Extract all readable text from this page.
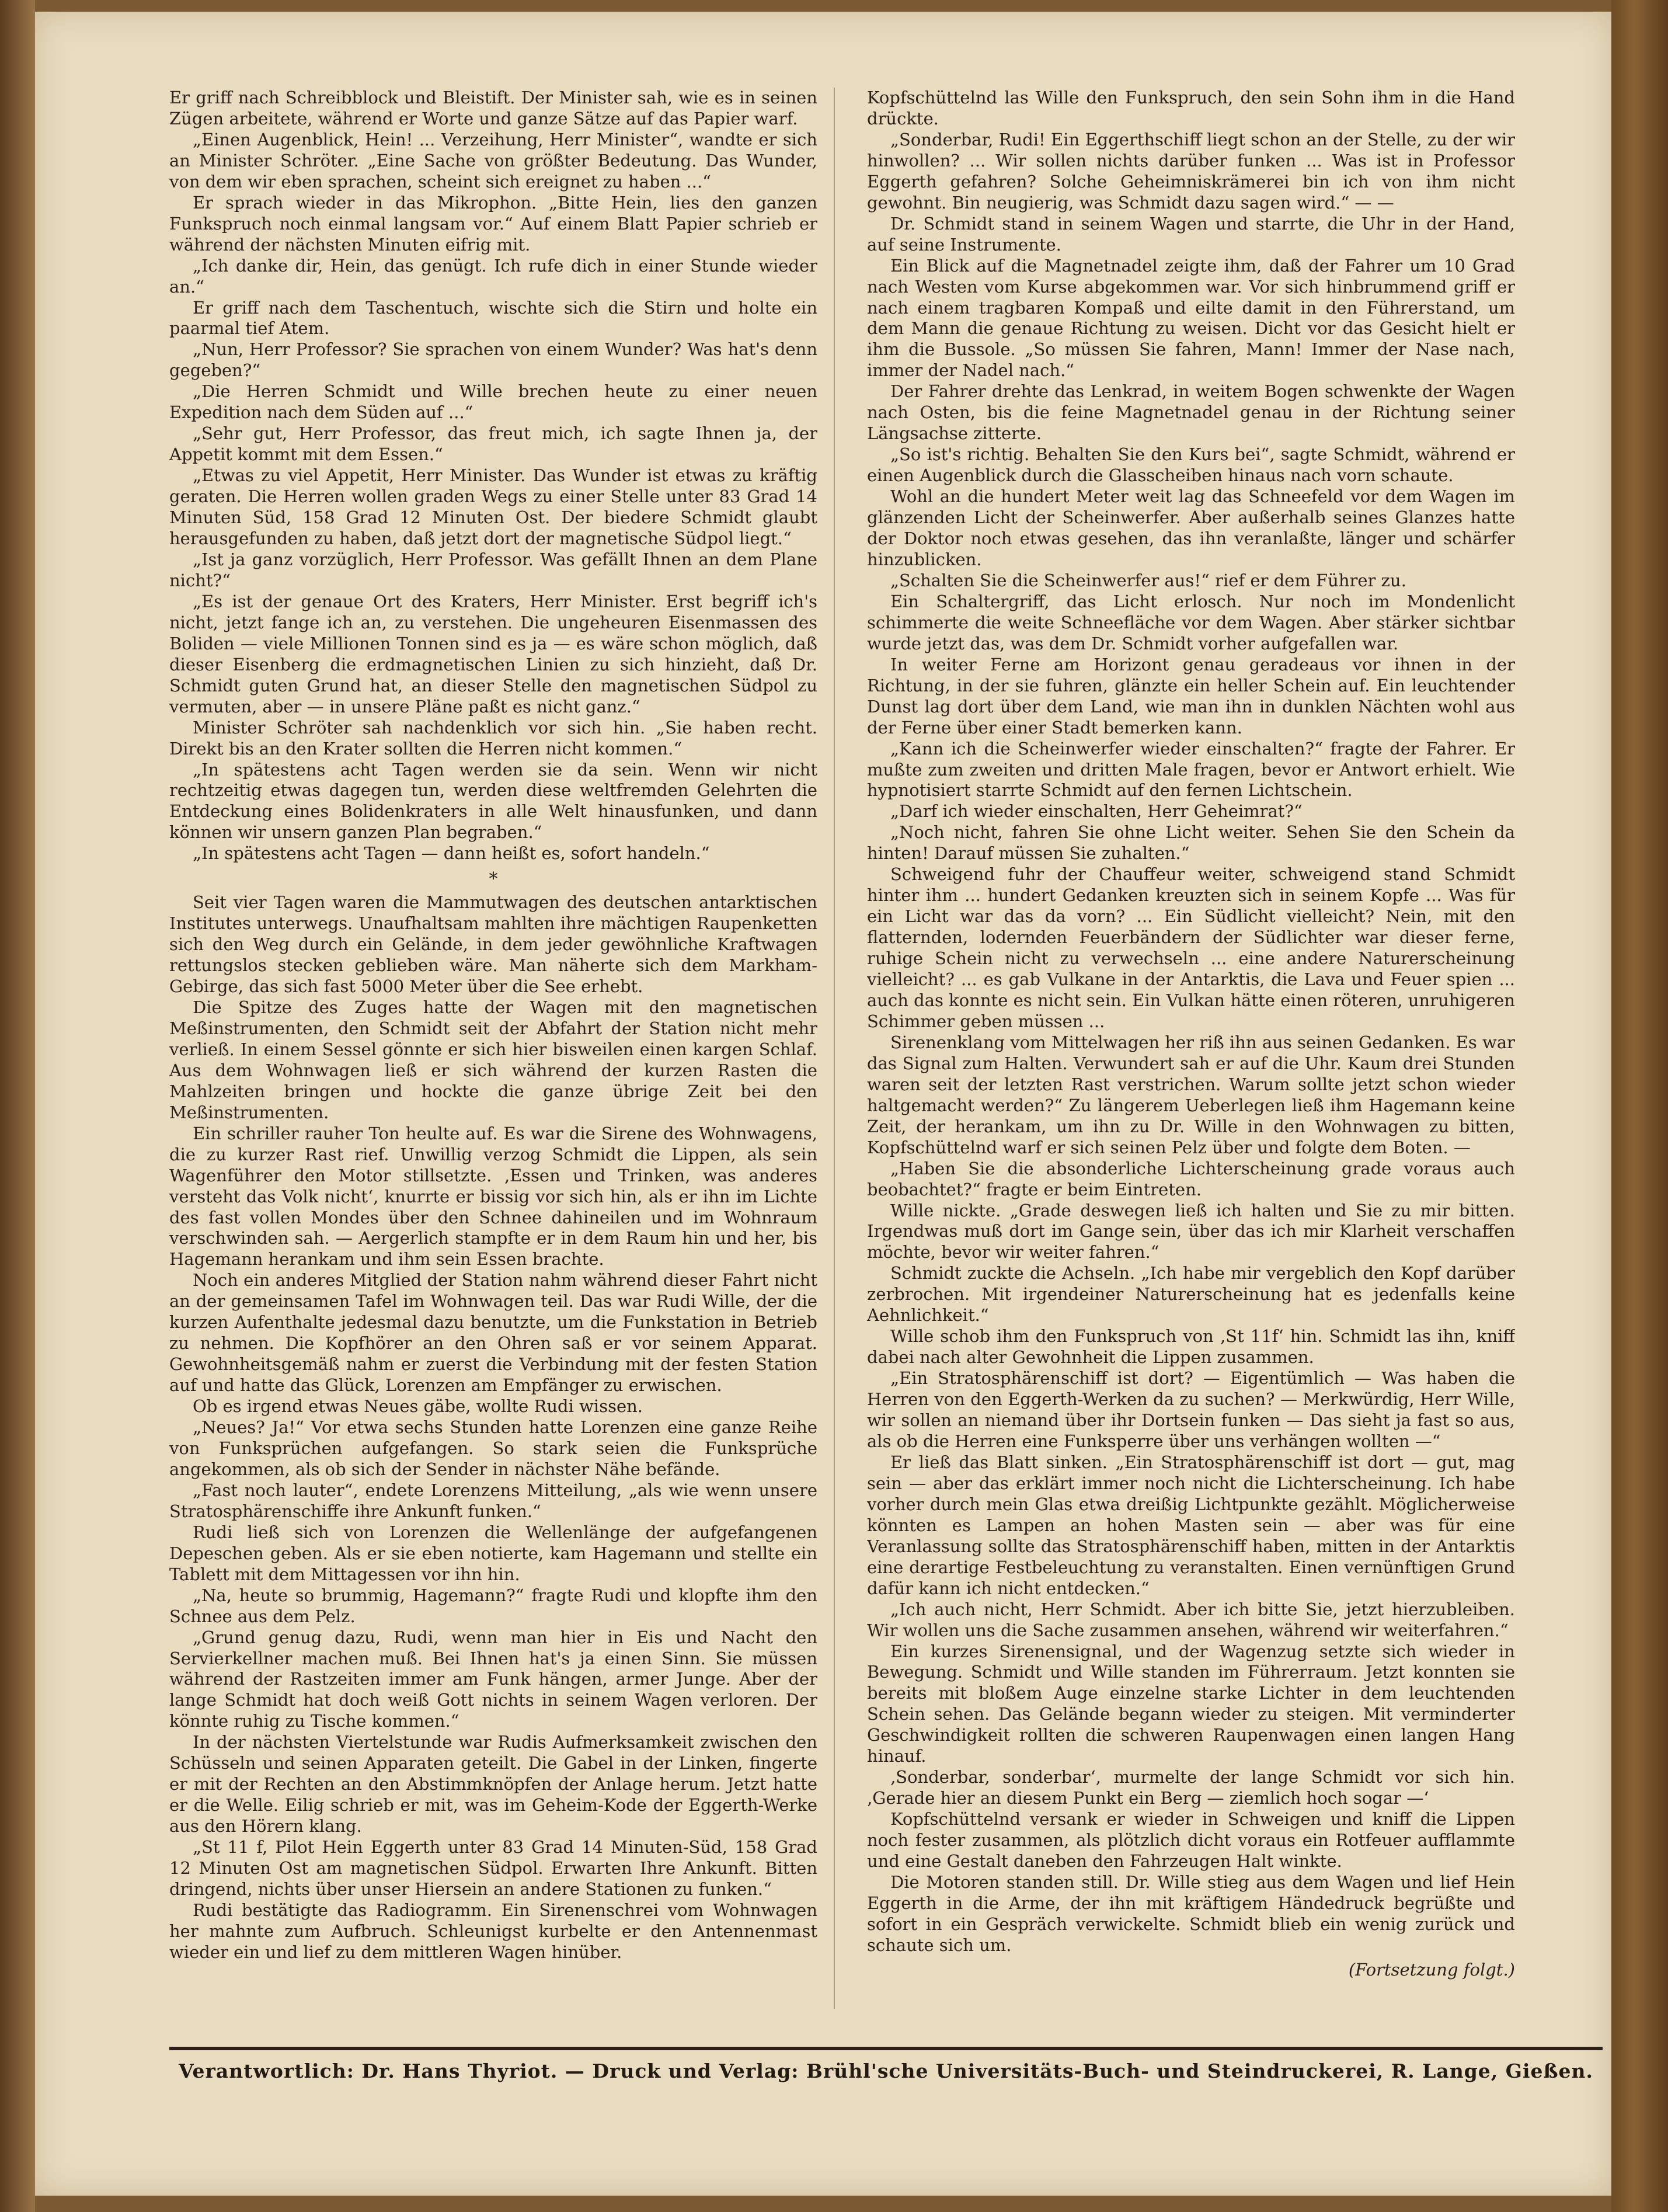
Er griff nach Schreibblock und Bleistift. Der Minister sah, wie es in seinen Zügen arbeitete, während er Worte und ganze Sätze auf das Papier warf.

„Einen Augenblick, Hein! ... Verzeihung, Herr Minister“, wandte er sich an Minister Schröter. „Eine Sache von größter Bedeutung. Das Wunder, von dem wir eben sprachen, scheint sich ereignet zu haben ...“

Er sprach wieder in das Mikrophon. „Bitte Hein, lies den ganzen Funkspruch noch einmal langsam vor.“ Auf einem Blatt Papier schrieb er während der nächsten Minuten eifrig mit.

„Ich danke dir, Hein, das genügt. Ich rufe dich in einer Stunde wieder an.“

Er griff nach dem Taschentuch, wischte sich die Stirn und holte ein paarmal tief Atem.

„Nun, Herr Professor? Sie sprachen von einem Wunder? Was hat's denn gegeben?“

„Die Herren Schmidt und Wille brechen heute zu einer neuen Expedition nach dem Süden auf ...“

„Sehr gut, Herr Professor, das freut mich, ich sagte Ihnen ja, der Appetit kommt mit dem Essen.“

„Etwas zu viel Appetit, Herr Minister. Das Wunder ist etwas zu kräftig geraten. Die Herren wollen graden Wegs zu einer Stelle unter 83 Grad 14 Minuten Süd, 158 Grad 12 Minuten Ost. Der biedere Schmidt glaubt herausgefunden zu haben, daß jetzt dort der magnetische Südpol liegt.“

„Ist ja ganz vorzüglich, Herr Professor. Was gefällt Ihnen an dem Plane nicht?“

„Es ist der genaue Ort des Kraters, Herr Minister. Erst begriff ich's nicht, jetzt fange ich an, zu verstehen. Die ungeheuren Eisenmassen des Boliden — viele Millionen Tonnen sind es ja — es wäre schon möglich, daß dieser Eisenberg die erdmagnetischen Linien zu sich hinzieht, daß Dr. Schmidt guten Grund hat, an dieser Stelle den magnetischen Südpol zu vermuten, aber — in unsere Pläne paßt es nicht ganz.“

Minister Schröter sah nachdenklich vor sich hin. „Sie haben recht. Direkt bis an den Krater sollten die Herren nicht kommen.“

„In spätestens acht Tagen werden sie da sein. Wenn wir nicht rechtzeitig etwas dagegen tun, werden diese weltfremden Gelehrten die Entdeckung eines Bolidenkraters in alle Welt hinausfunken, und dann können wir unsern ganzen Plan begraben.“

„In spätestens acht Tagen — dann heißt es, sofort handeln.“

*

Seit vier Tagen waren die Mammutwagen des deutschen antarktischen Institutes unterwegs. Unaufhaltsam mahlten ihre mächtigen Raupenketten sich den Weg durch ein Gelände, in dem jeder gewöhnliche Kraftwagen rettungslos stecken geblieben wäre. Man näherte sich dem Markham-Gebirge, das sich fast 5000 Meter über die See erhebt.

Die Spitze des Zuges hatte der Wagen mit den magnetischen Meßinstrumenten, den Schmidt seit der Abfahrt der Station nicht mehr verließ. In einem Sessel gönnte er sich hier bisweilen einen kargen Schlaf. Aus dem Wohnwagen ließ er sich während der kurzen Rasten die Mahlzeiten bringen und hockte die ganze übrige Zeit bei den Meßinstrumenten.

Ein schriller rauher Ton heulte auf. Es war die Sirene des Wohnwagens, die zu kurzer Rast rief. Unwillig verzog Schmidt die Lippen, als sein Wagenführer den Motor stillsetzte. ‚Essen und Trinken, was anderes versteht das Volk nicht‘, knurrte er bissig vor sich hin, als er ihn im Lichte des fast vollen Mondes über den Schnee dahineilen und im Wohnraum verschwinden sah. — Aergerlich stampfte er in dem Raum hin und her, bis Hagemann herankam und ihm sein Essen brachte.

Noch ein anderes Mitglied der Station nahm während dieser Fahrt nicht an der gemeinsamen Tafel im Wohnwagen teil. Das war Rudi Wille, der die kurzen Aufenthalte jedesmal dazu benutzte, um die Funkstation in Betrieb zu nehmen. Die Kopfhörer an den Ohren saß er vor seinem Apparat. Gewohnheitsgemäß nahm er zuerst die Verbindung mit der festen Station auf und hatte das Glück, Lorenzen am Empfänger zu erwischen.

Ob es irgend etwas Neues gäbe, wollte Rudi wissen.

„Neues? Ja!“ Vor etwa sechs Stunden hatte Lorenzen eine ganze Reihe von Funksprüchen aufgefangen. So stark seien die Funksprüche angekommen, als ob sich der Sender in nächster Nähe befände.

„Fast noch lauter“, endete Lorenzens Mitteilung, „als wie wenn unsere Stratosphärenschiffe ihre Ankunft funken.“

Rudi ließ sich von Lorenzen die Wellenlänge der aufgefangenen Depeschen geben. Als er sie eben notierte, kam Hagemann und stellte ein Tablett mit dem Mittagessen vor ihn hin.

„Na, heute so brummig, Hagemann?“ fragte Rudi und klopfte ihm den Schnee aus dem Pelz.

„Grund genug dazu, Rudi, wenn man hier in Eis und Nacht den Servierkellner machen muß. Bei Ihnen hat's ja einen Sinn. Sie müssen während der Rastzeiten immer am Funk hängen, armer Junge. Aber der lange Schmidt hat doch weiß Gott nichts in seinem Wagen verloren. Der könnte ruhig zu Tische kommen.“

In der nächsten Viertelstunde war Rudis Aufmerksamkeit zwischen den Schüsseln und seinen Apparaten geteilt. Die Gabel in der Linken, fingerte er mit der Rechten an den Abstimmknöpfen der Anlage herum. Jetzt hatte er die Welle. Eilig schrieb er mit, was im Geheim-Kode der Eggerth-Werke aus den Hörern klang.

„St 11 f, Pilot Hein Eggerth unter 83 Grad 14 Minuten-Süd, 158 Grad 12 Minuten Ost am magnetischen Südpol. Erwarten Ihre Ankunft. Bitten dringend, nichts über unser Hiersein an andere Stationen zu funken.“

Rudi bestätigte das Radiogramm. Ein Sirenenschrei vom Wohnwagen her mahnte zum Aufbruch. Schleunigst kurbelte er den Antennenmast wieder ein und lief zu dem mittleren Wagen hinüber.

Kopfschüttelnd las Wille den Funkspruch, den sein Sohn ihm in die Hand drückte.

„Sonderbar, Rudi! Ein Eggerthschiff liegt schon an der Stelle, zu der wir hinwollen? ... Wir sollen nichts darüber funken ... Was ist in Professor Eggerth gefahren? Solche Geheimniskrämerei bin ich von ihm nicht gewohnt. Bin neugierig, was Schmidt dazu sagen wird.“ — —

Dr. Schmidt stand in seinem Wagen und starrte, die Uhr in der Hand, auf seine Instrumente.

Ein Blick auf die Magnetnadel zeigte ihm, daß der Fahrer um 10 Grad nach Westen vom Kurse abgekommen war. Vor sich hinbrummend griff er nach einem tragbaren Kompaß und eilte damit in den Führerstand, um dem Mann die genaue Richtung zu weisen. Dicht vor das Gesicht hielt er ihm die Bussole. „So müssen Sie fahren, Mann! Immer der Nase nach, immer der Nadel nach.“

Der Fahrer drehte das Lenkrad, in weitem Bogen schwenkte der Wagen nach Osten, bis die feine Magnetnadel genau in der Richtung seiner Längsachse zitterte.

„So ist's richtig. Behalten Sie den Kurs bei“, sagte Schmidt, während er einen Augenblick durch die Glasscheiben hinaus nach vorn schaute.

Wohl an die hundert Meter weit lag das Schneefeld vor dem Wagen im glänzenden Licht der Scheinwerfer. Aber außerhalb seines Glanzes hatte der Doktor noch etwas gesehen, das ihn veranlaßte, länger und schärfer hinzublicken.

„Schalten Sie die Scheinwerfer aus!“ rief er dem Führer zu.

Ein Schaltergriff, das Licht erlosch. Nur noch im Mondenlicht schimmerte die weite Schneefläche vor dem Wagen. Aber stärker sichtbar wurde jetzt das, was dem Dr. Schmidt vorher aufgefallen war.

In weiter Ferne am Horizont genau geradeaus vor ihnen in der Richtung, in der sie fuhren, glänzte ein heller Schein auf. Ein leuchtender Dunst lag dort über dem Land, wie man ihn in dunklen Nächten wohl aus der Ferne über einer Stadt bemerken kann.

„Kann ich die Scheinwerfer wieder einschalten?“ fragte der Fahrer. Er mußte zum zweiten und dritten Male fragen, bevor er Antwort erhielt. Wie hypnotisiert starrte Schmidt auf den fernen Lichtschein.

„Darf ich wieder einschalten, Herr Geheimrat?“

„Noch nicht, fahren Sie ohne Licht weiter. Sehen Sie den Schein da hinten! Darauf müssen Sie zuhalten.“

Schweigend fuhr der Chauffeur weiter, schweigend stand Schmidt hinter ihm ... hundert Gedanken kreuzten sich in seinem Kopfe ... Was für ein Licht war das da vorn? ... Ein Südlicht vielleicht? Nein, mit den flatternden, lodernden Feuerbändern der Südlichter war dieser ferne, ruhige Schein nicht zu verwechseln ... eine andere Naturerscheinung vielleicht? ... es gab Vulkane in der Antarktis, die Lava und Feuer spien ... auch das konnte es nicht sein. Ein Vulkan hätte einen röteren, unruhigeren Schimmer geben müssen ...

Sirenenklang vom Mittelwagen her riß ihn aus seinen Gedanken. Es war das Signal zum Halten. Verwundert sah er auf die Uhr. Kaum drei Stunden waren seit der letzten Rast verstrichen. Warum sollte jetzt schon wieder haltgemacht werden?“ Zu längerem Ueberlegen ließ ihm Hagemann keine Zeit, der herankam, um ihn zu Dr. Wille in den Wohnwagen zu bitten, Kopfschüttelnd warf er sich seinen Pelz über und folgte dem Boten. —

„Haben Sie die absonderliche Lichterscheinung grade voraus auch beobachtet?“ fragte er beim Eintreten.

Wille nickte. „Grade deswegen ließ ich halten und Sie zu mir bitten. Irgendwas muß dort im Gange sein, über das ich mir Klarheit verschaffen möchte, bevor wir weiter fahren.“

Schmidt zuckte die Achseln. „Ich habe mir vergeblich den Kopf darüber zerbrochen. Mit irgendeiner Naturerscheinung hat es jedenfalls keine Aehnlichkeit.“

Wille schob ihm den Funkspruch von ‚St 11f‘ hin. Schmidt las ihn, kniff dabei nach alter Gewohnheit die Lippen zusammen.

„Ein Stratosphärenschiff ist dort? — Eigentümlich — Was haben die Herren von den Eggerth-Werken da zu suchen? — Merkwürdig, Herr Wille, wir sollen an niemand über ihr Dortsein funken — Das sieht ja fast so aus, als ob die Herren eine Funksperre über uns verhängen wollten —“

Er ließ das Blatt sinken. „Ein Stratosphärenschiff ist dort — gut, mag sein — aber das erklärt immer noch nicht die Lichterscheinung. Ich habe vorher durch mein Glas etwa dreißig Lichtpunkte gezählt. Möglicherweise könnten es Lampen an hohen Masten sein — aber was für eine Veranlassung sollte das Stratosphärenschiff haben, mitten in der Antarktis eine derartige Festbeleuchtung zu veranstalten. Einen vernünftigen Grund dafür kann ich nicht entdecken.“

„Ich auch nicht, Herr Schmidt. Aber ich bitte Sie, jetzt hierzubleiben. Wir wollen uns die Sache zusammen ansehen, während wir weiterfahren.“

Ein kurzes Sirenensignal, und der Wagenzug setzte sich wieder in Bewegung. Schmidt und Wille standen im Führerraum. Jetzt konnten sie bereits mit bloßem Auge einzelne starke Lichter in dem leuchtenden Schein sehen. Das Gelände begann wieder zu steigen. Mit verminderter Geschwindigkeit rollten die schweren Raupenwagen einen langen Hang hinauf.

‚Sonderbar, sonderbar‘, murmelte der lange Schmidt vor sich hin. ‚Gerade hier an diesem Punkt ein Berg — ziemlich hoch sogar —‘

Kopfschüttelnd versank er wieder in Schweigen und kniff die Lippen noch fester zusammen, als plötzlich dicht voraus ein Rotfeuer aufflammte und eine Gestalt daneben den Fahrzeugen Halt winkte.

Die Motoren standen still. Dr. Wille stieg aus dem Wagen und lief Hein Eggerth in die Arme, der ihn mit kräftigem Händedruck begrüßte und sofort in ein Gespräch verwickelte. Schmidt blieb ein wenig zurück und schaute sich um.

(Fortsetzung folgt.)
Verantwortlich: Dr. Hans Thyriot. — Druck und Verlag: Brühl'sche Universitäts-Buch- und Steindruckerei, R. Lange, Gießen.
